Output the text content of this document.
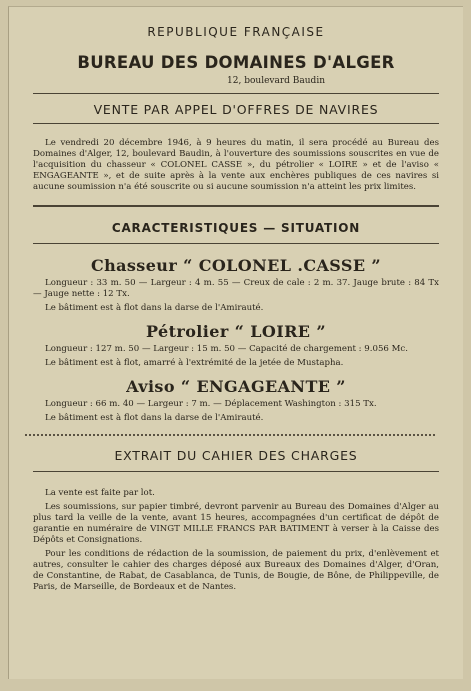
REPUBLIQUE FRANÇAISE
BUREAU DES DOMAINES D'ALGER
12, boulevard Baudin
VENTE PAR APPEL D'OFFRES DE NAVIRES

Le vendredi 20 décembre 1946, à 9 heures du matin, il sera procédé au Bureau des Domaines d'Alger, 12, boulevard Baudin, à l'ouverture des soumissions souscrites en vue de l'acquisition du chasseur « COLONEL CASSE », du pétrolier « LOIRE » et de l'aviso « ENGAGEANTE », et de suite après à la vente aux enchères publiques de ces navires si aucune soumission n'a été souscrite ou si aucune soumission n'a atteint les prix limites.

CARACTERISTIQUES — SITUATION
Chasseur “ COLONEL .CASSE ”

Longueur : 33 m. 50 — Largeur : 4 m. 55 — Creux de cale : 2 m. 37. Jauge brute : 84 Tx — Jauge nette : 12 Tx.

Le bâtiment est à flot dans la darse de l'Amirauté.

Pétrolier “ LOIRE ”

Longueur : 127 m. 50 — Largeur : 15 m. 50 — Capacité de chargement : 9.056 Mc.

Le bâtiment est à flot, amarré à l'extrémité de la jetée de Mustapha.

Aviso “ ENGAGEANTE ”

Longueur : 66 m. 40 — Largeur : 7 m. — Déplacement Washington : 315 Tx.

Le bâtiment est à flot dans la darse de l'Amirauté.

EXTRAIT DU CAHIER DES CHARGES

La vente est faite par lot.

Les soumissions, sur papier timbré, devront parvenir au Bureau des Domaines d'Alger au plus tard la veille de la vente, avant 15 heures, accompagnées d'un certificat de dépôt de garantie en numéraire de VINGT MILLE FRANCS PAR BATIMENT à verser à la Caisse des Dépôts et Consignations.

Pour les conditions de rédaction de la soumission, de paiement du prix, d'enlèvement et autres, consulter le cahier des charges déposé aux Bureaux des Domaines d'Alger, d'Oran, de Constantine, de Rabat, de Casablanca, de Tunis, de Bougie, de Bône, de Philippeville, de Paris, de Marseille, de Bordeaux et de Nantes.
